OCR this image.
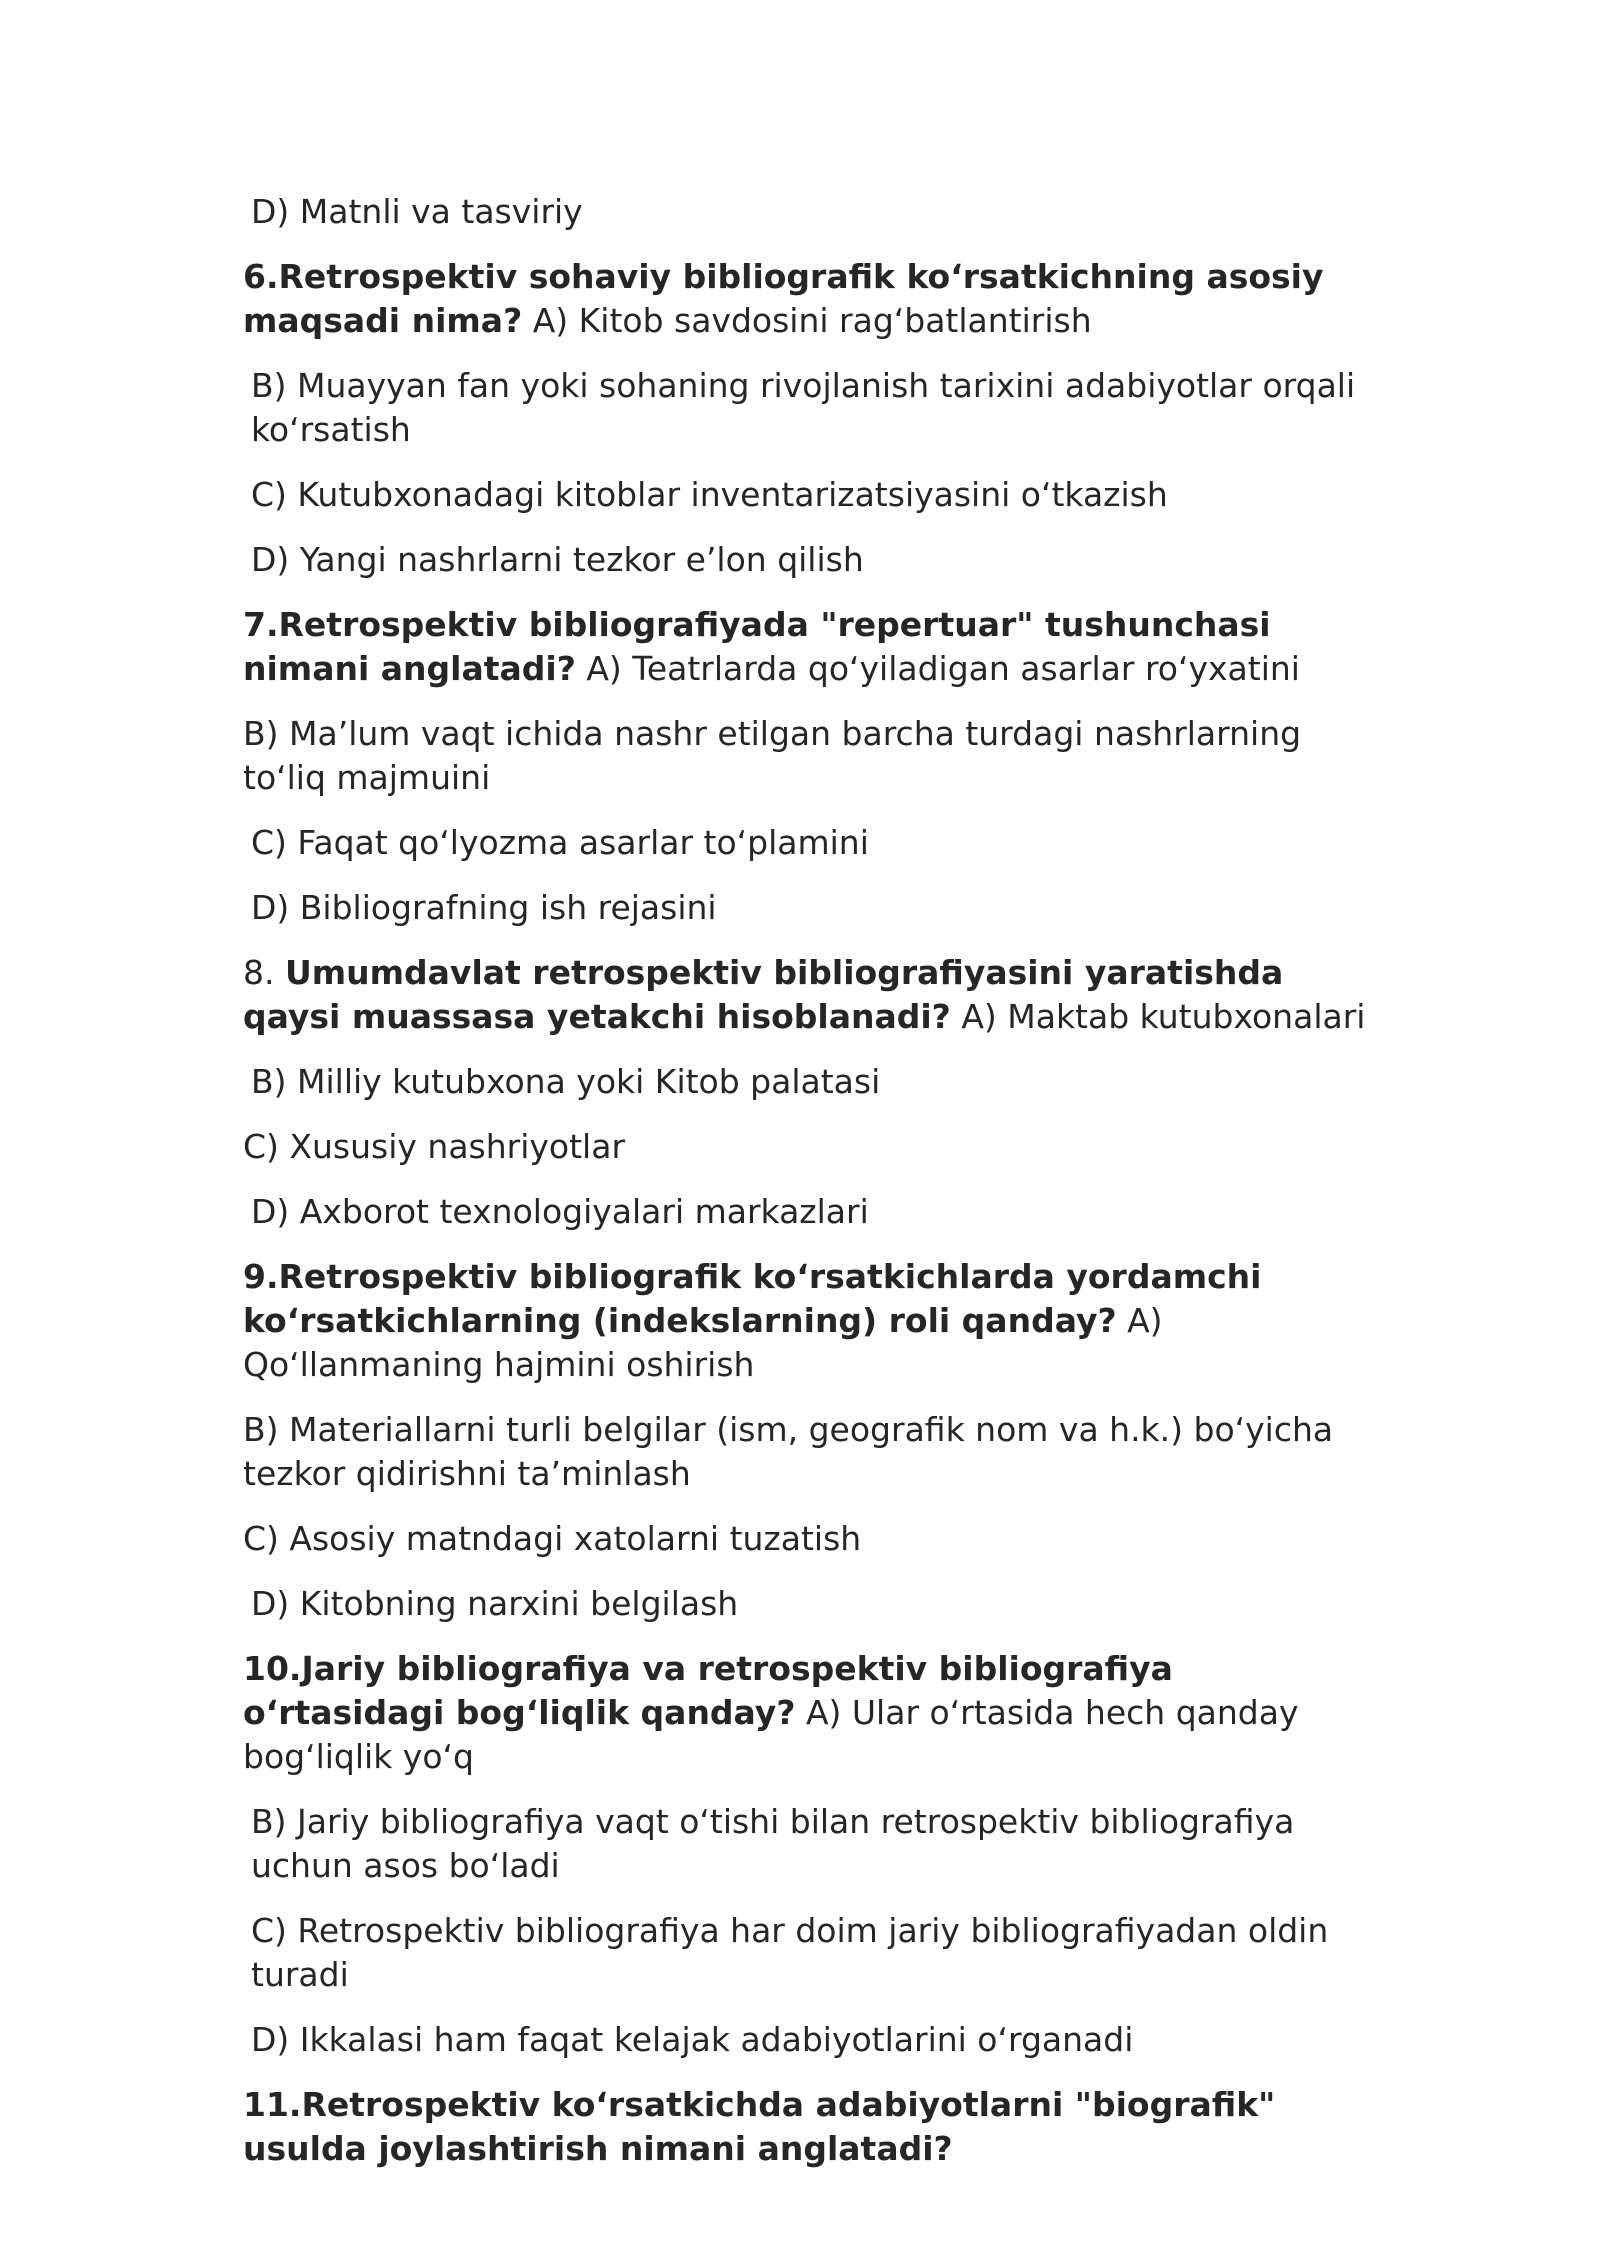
D) Matnli va tasviriy
6.Retrospektiv sohaviy bibliografik koʻrsatkichning asosiy maqsadi nima? A) Kitob savdosini ragʻbatlantirish
B) Muayyan fan yoki sohaning rivojlanish tarixini adabiyotlar orqali koʻrsatish
C) Kutubxonadagi kitoblar inventarizatsiyasini oʻtkazish
D) Yangi nashrlarni tezkor e’lon qilish
7.Retrospektiv bibliografiyada "repertuar" tushunchasi nimani anglatadi? A) Teatrlarda qoʻyiladigan asarlar roʻyxatini
B) Maʼlum vaqt ichida nashr etilgan barcha turdagi nashrlarning toʻliq majmuini
C) Faqat qoʻlyozma asarlar toʻplamini
D) Bibliografning ish rejasini
8. Umumdavlat retrospektiv bibliografiyasini yaratishda qaysi muassasa yetakchi hisoblanadi? A) Maktab kutubxonalari
B) Milliy kutubxona yoki Kitob palatasi
C) Xususiy nashriyotlar
D) Axborot texnologiyalari markazlari
9.Retrospektiv bibliografik koʻrsatkichlarda yordamchi koʻrsatkichlarning (indekslarning) roli qanday? A) Qoʻllanmaning hajmini oshirish
B) Materiallarni turli belgilar (ism, geografik nom va h.k.) boʻyicha tezkor qidirishni taʼminlash
C) Asosiy matndagi xatolarni tuzatish
D) Kitobning narxini belgilash
10.Jariy bibliografiya va retrospektiv bibliografiya oʻrtasidagi bogʻliqlik qanday? A) Ular oʻrtasida hech qanday bogʻliqlik yoʻq
B) Jariy bibliografiya vaqt oʻtishi bilan retrospektiv bibliografiya uchun asos boʻladi
C) Retrospektiv bibliografiya har doim jariy bibliografiyadan oldin turadi
D) Ikkalasi ham faqat kelajak adabiyotlarini oʻrganadi
11.Retrospektiv koʻrsatkichda adabiyotlarni "biografik" usulda joylashtirish nimani anglatadi?
